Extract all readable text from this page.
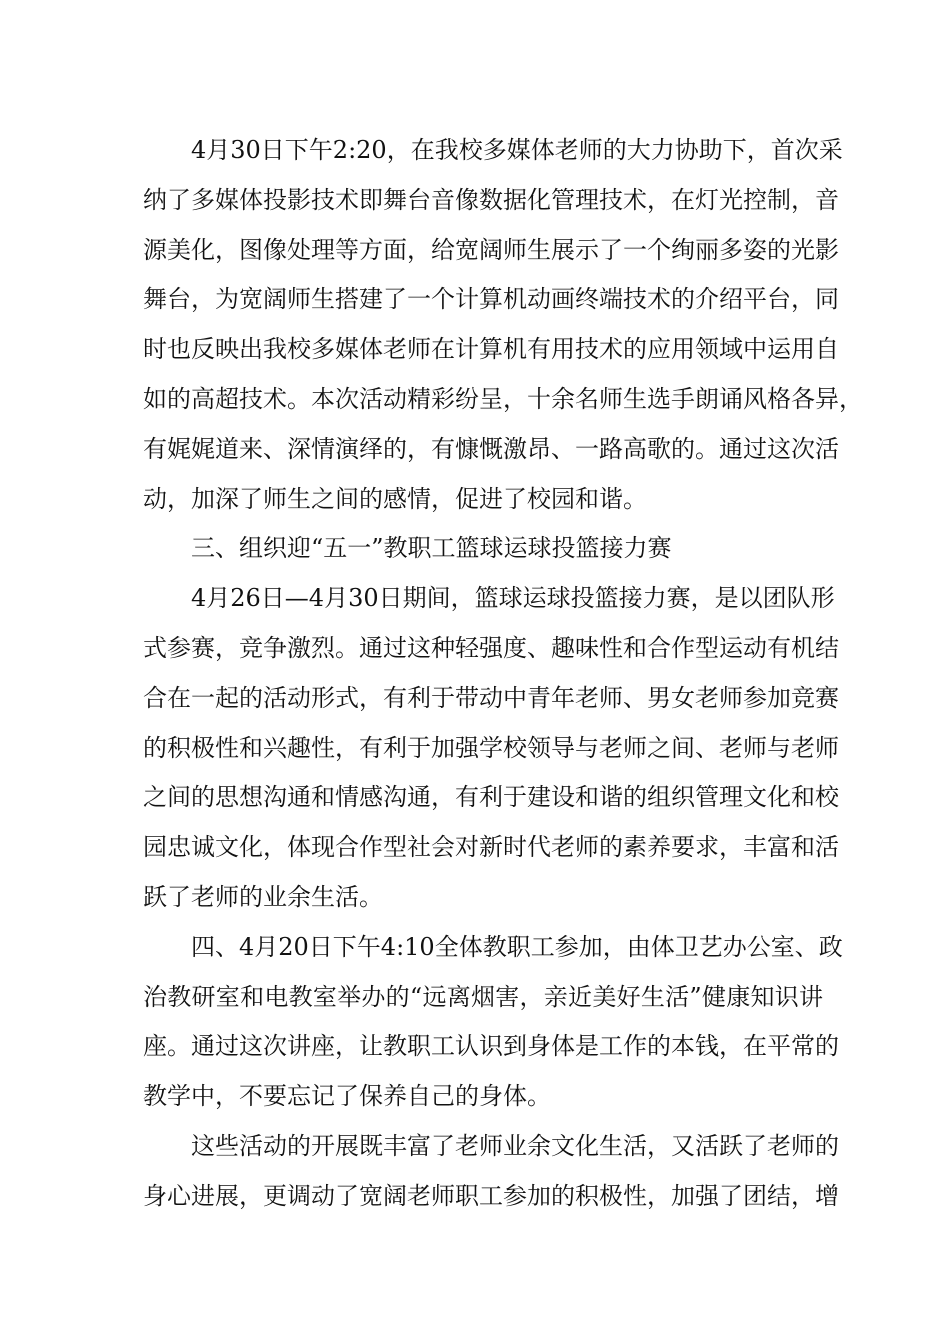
4月30日下午2:20，在我校多媒体老师的大力协助下，首次采
纳了多媒体投影技术即舞台音像数据化管理技术，在灯光控制，音
源美化，图像处理等方面，给宽阔师生展示了一个绚丽多姿的光影
舞台，为宽阔师生搭建了一个计算机动画终端技术的介绍平台，同
时也反映出我校多媒体老师在计算机有用技术的应用领域中运用自
如的高超技术。本次活动精彩纷呈，十余名师生选手朗诵风格各异，
有娓娓道来、深情演绎的，有慷慨激昂、一路高歌的。通过这次活
动，加深了师生之间的感情，促进了校园和谐。
三、组织迎“五一”教职工篮球运球投篮接力赛
4月26日—4月30日期间，篮球运球投篮接力赛，是以团队形
式参赛，竞争激烈。通过这种轻强度、趣味性和合作型运动有机结
合在一起的活动形式，有利于带动中青年老师、男女老师参加竞赛
的积极性和兴趣性，有利于加强学校领导与老师之间、老师与老师
之间的思想沟通和情感沟通，有利于建设和谐的组织管理文化和校
园忠诚文化，体现合作型社会对新时代老师的素养要求，丰富和活
跃了老师的业余生活。
四、4月20日下午4:10全体教职工参加，由体卫艺办公室、政
治教研室和电教室举办的“远离烟害，亲近美好生活”健康知识讲
座。通过这次讲座，让教职工认识到身体是工作的本钱，在平常的
教学中，不要忘记了保养自己的身体。
这些活动的开展既丰富了老师业余文化生活，又活跃了老师的
身心进展，更调动了宽阔老师职工参加的积极性，加强了团结，增
